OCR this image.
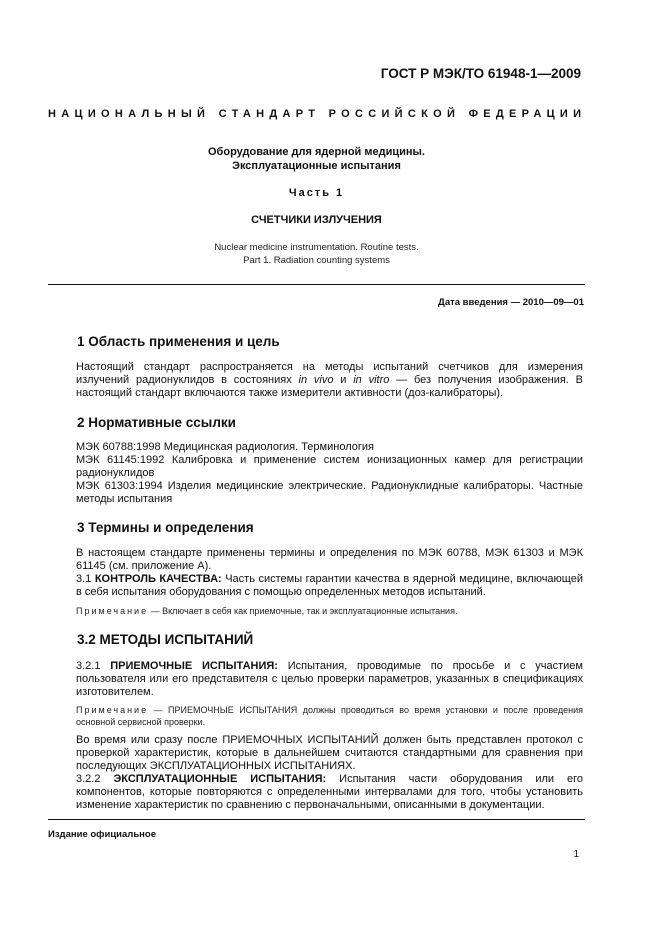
ГОСТ Р МЭК/ТО 61948-1—2009
НАЦИОНАЛЬНЫЙ СТАНДАРТ РОССИЙСКОЙ ФЕДЕРАЦИИ
Оборудование для ядерной медицины.
Эксплуатационные испытания
Часть 1
СЧЕТЧИКИ ИЗЛУЧЕНИЯ
Nuclear medicine instrumentation. Routine tests.
Part 1. Radiation counting systems
Дата введения — 2010—09—01
1 Область применения и цель

Настоящий стандарт распространяется на методы испытаний счетчиков для измерения излучений радионуклидов в состояниях in vivo и in vitro — без получения изображения. В настоящий стандарт включаются также измерители активности (доз-калибраторы).

2 Нормативные ссылки

МЭК 60788:1998 Медицинская радиология. Терминология

МЭК 61145:1992 Калибровка и применение систем ионизационных камер для регистрации радионуклидов

МЭК 61303:1994 Изделия медицинские электрические. Радионуклидные калибраторы. Частные методы испытания

3 Термины и определения

В настоящем стандарте применены термины и определения по МЭК 60788, МЭК 61303 и МЭК 61145 (см. приложение А).

3.1 КОНТРОЛЬ КАЧЕСТВА: Часть системы гарантии качества в ядерной медицине, включающей в себя испытания оборудования с помощью определенных методов испытаний.

Примечание — Включает в себя как приемочные, так и эксплуатационные испытания.

3.2 МЕТОДЫ ИСПЫТАНИЙ

3.2.1 ПРИЕМОЧНЫЕ ИСПЫТАНИЯ: Испытания, проводимые по просьбе и с участием пользователя или его представителя с целью проверки параметров, указанных в спецификациях изготовителем.

Примечание — ПРИЕМОЧНЫЕ ИСПЫТАНИЯ должны проводиться во время установки и после проведения основной сервисной проверки.

Во время или сразу после ПРИЕМОЧНЫХ ИСПЫТАНИЙ должен быть представлен протокол с проверкой характеристик, которые в дальнейшем считаются стандартными для сравнения при последующих ЭКСПЛУАТАЦИОННЫХ ИСПЫТАНИЯХ.

3.2.2 ЭКСПЛУАТАЦИОННЫЕ ИСПЫТАНИЯ: Испытания части оборудования или его компонентов, которые повторяются с определенными интервалами для того, чтобы установить изменение характеристик по сравнению с первоначальными, описанными в документации.

Издание официальное
1
